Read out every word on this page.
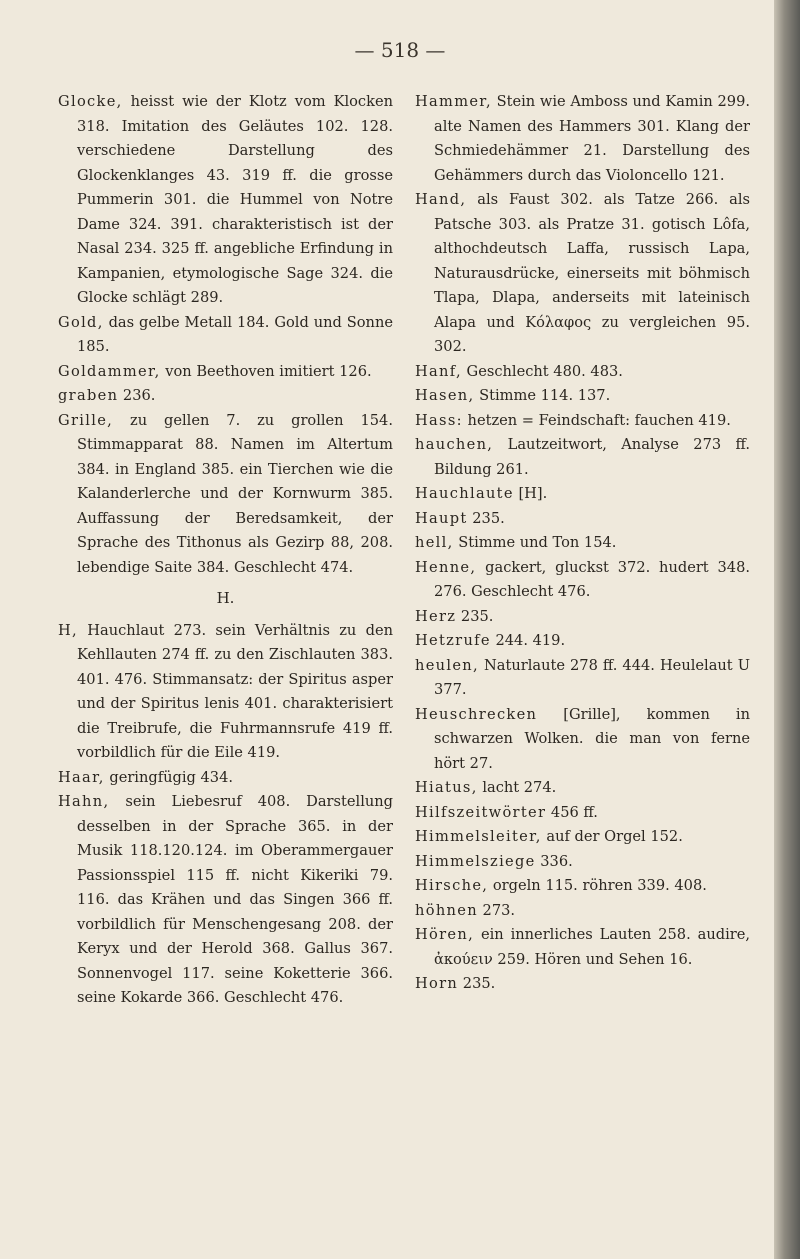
— 518 —

Glocke, heisst wie der Klotz vom Klocken 318. Imitation des Geläutes 102. 128. verschiedene Darstellung des Glockenklanges 43. 319 ff. die grosse Pummerin 301. die Hummel von Notre Dame 324. 391. charakteristisch ist der Nasal 234. 325 ff. angebliche Erfindung in Kampanien, etymologische Sage 324. die Glocke schlägt 289.

Gold, das gelbe Metall 184. Gold und Sonne 185.

Goldammer, von Beethoven imitiert 126.

graben 236.

Grille, zu gellen 7. zu grollen 154. Stimmapparat 88. Namen im Altertum 384. in England 385. ein Tierchen wie die Kalanderlerche und der Kornwurm 385. Auffassung der Beredsamkeit, der Sprache des Tithonus als Gezirp 88, 208. lebendige Saite 384. Geschlecht 474.

H.

H, Hauchlaut 273. sein Verhältnis zu den Kehllauten 274 ff. zu den Zischlauten 383. 401. 476. Stimmansatz: der Spiritus asper und der Spiritus lenis 401. charakterisiert die Treibrufe, die Fuhrmannsrufe 419 ff. vorbildlich für die Eile 419.

Haar, geringfügig 434.

Hahn, sein Liebesruf 408. Darstellung desselben in der Sprache 365. in der Musik 118.120.124. im Oberammergauer Passionsspiel 115 ff. nicht Kikeriki 79. 116. das Krähen und das Singen 366 ff. vorbildlich für Menschengesang 208. der Keryx und der Herold 368. Gallus 367. Sonnenvogel 117. seine Koketterie 366. seine Kokarde 366. Geschlecht 476.

Hammer, Stein wie Amboss und Kamin 299. alte Namen des Hammers 301. Klang der Schmiedehämmer 21. Darstellung des Gehämmers durch das Violoncello 121.

Hand, als Faust 302. als Tatze 266. als Patsche 303. als Pratze 31. gotisch Lôfa, althochdeutsch Laffa, russisch Lapa, Naturausdrücke, einerseits mit böhmisch Tlapa, Dlapa, anderseits mit lateinisch Alapa und Κόλαφος zu vergleichen 95. 302.

Hanf, Geschlecht 480. 483.

Hasen, Stimme 114. 137.

Hass: hetzen = Feindschaft: fauchen 419.

hauchen, Lautzeitwort, Analyse 273 ff. Bildung 261.

Hauchlaute [H].

Haupt 235.

hell, Stimme und Ton 154.

Henne, gackert, gluckst 372. hudert 348. 276. Geschlecht 476.

Herz 235.

Hetzrufe 244. 419.

heulen, Naturlaute 278 ff. 444. Heulelaut U 377.

Heuschrecken [Grille], kommen in schwarzen Wolken. die man von ferne hört 27.

Hiatus, lacht 274.

Hilfszeitwörter 456 ff.

Himmelsleiter, auf der Orgel 152.

Himmelsziege 336.

Hirsche, orgeln 115. röhren 339. 408.

höhnen 273.

Hören, ein innerliches Lauten 258. audire, ἀκούειν 259. Hören und Sehen 16.

Horn 235.
